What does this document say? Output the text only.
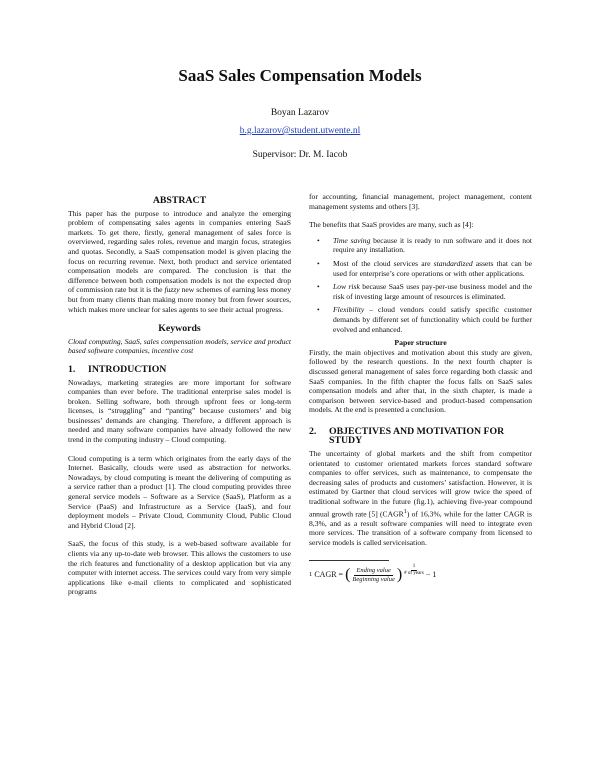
SaaS Sales Compensation Models
Boyan Lazarov
b.g.lazarov@student.utwente.nl
Supervisor: Dr. M. Iacob
ABSTRACT

This paper has the purpose to introduce and analyze the emerging problem of compensating sales agents in companies entering SaaS markets. To get there, firstly, general management of sales force is overviewed, regarding sales roles, revenue and margin focus, strategies and quotas. Secondly, a SaaS compensation model is given placing the focus on recurring revenue. Next, both product and service orientated compensation models are compared. The conclusion is that the difference between both compensation models is not the expected drop of commission rate but it is the fuzzy new schemes of earning less money but from many clients than making more money but from fewer sources, which makes more unclear for sales agents to see their actual progress.

Keywords

Cloud computing, SaaS, sales compensation models, service and product based software companies, incentive cost

1.	INTRODUCTION

Nowadays, marketing strategies are more important for software companies than ever before. The traditional enterprise sales model is broken. Selling software, both through upfront fees or long-term licenses, is “struggling” and “panting” because customers’ and big businesses’ demands are changing. Therefore, a different approach is needed and many software companies have already followed the new trend in the computing industry – Cloud computing.

Cloud computing is a term which originates from the early days of the Internet. Basically, clouds were used as abstraction for networks. Nowadays, by cloud computing is meant the delivering of computing as a service rather than a product [1]. The cloud computing provides three general service models – Software as a Service (SaaS), Platform as a Service (PaaS) and Infrastructure as a Service (IaaS), and four deployment models – Private Cloud, Community Cloud, Public Cloud and Hybrid Cloud [2].

SaaS, the focus of this study, is a web-based software available for clients via any up-to-date web browser. This allows the customers to use the rich features and functionality of a desktop application but via any computer with internet access. The services could vary from very simple applications like e-mail clients to complicated and sophisticated programs

for accounting, financial management, project management, content management systems and others [3].

The benefits that SaaS provides are many, such as [4]:

• Time saving because it is ready to run software and it does not require any installation.
• Most of the cloud services are standardized assets that can be used for enterprise’s core operations or with other applications.
• Low risk because SaaS uses pay-per-use business model and the risk of investing large amount of resources is eliminated.
• Flexibility – cloud vendors could satisfy specific customer demands by different set of functionality which could be further evolved and enhanced.
Paper structure

Firstly, the main objectives and motivation about this study are given, followed by the research questions. In the next fourth chapter is discussed general management of sales force regarding both classic and SaaS companies. In the fifth chapter the focus falls on SaaS sales compensation models and after that, in the sixth chapter, is made a comparison between service-based and product-based compensation models. At the end is presented a conclusion.

2.	OBJECTIVES AND MOTIVATION FOR STUDY

The uncertainty of global markets and the shift from competitor orientated to customer orientated markets forces standard software companies to offer services, such as maintenance, to compensate the decreasing sales of products and customers’ satisfaction. However, it is estimated by Gartner that cloud services will grow twice the speed of traditional software in the future (fig.1), achieving five-year compound annual growth rate [5] (CAGR$^1$) of 16,3%, while for the latter CAGR is 8,3%, and as a result software companies will need to integrate even more services. The transition of a software company from licensed to service models is called serviceisation.

1 CAGR = ( $\frac{\text{Ending value}}{\text{Beginning value}}$ )	1
# of years − 1
